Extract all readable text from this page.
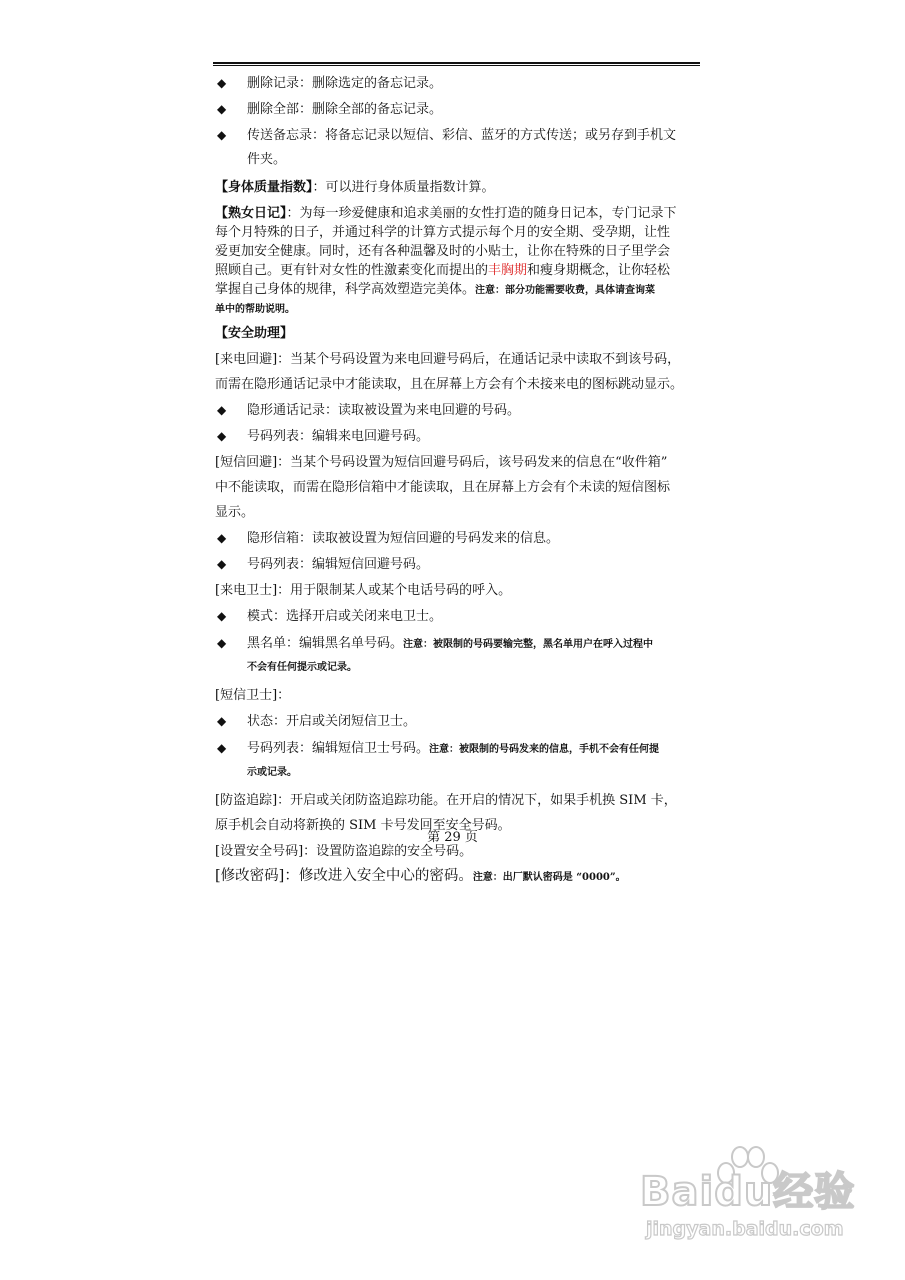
◆ 删除记录：删除选定的备忘记录。
◆ 删除全部：删除全部的备忘记录。
◆ 传送备忘录：将备忘记录以短信、彩信、蓝牙的方式传送；或另存到手机文
件夹。
【身体质量指数】：可以进行身体质量指数计算。
【熟女日记】：为每一珍爱健康和追求美丽的女性打造的随身日记本，专门记录下
每个月特殊的日子，并通过科学的计算方式提示每个月的安全期、受孕期，让性
爱更加安全健康。同时，还有各种温馨及时的小贴士，让你在特殊的日子里学会
照顾自己。更有针对女性的性激素变化而提出的丰胸期和瘦身期概念，让你轻松
掌握自己身体的规律，科学高效塑造完美体。注意：部分功能需要收费，具体请查询菜
单中的帮助说明。
【安全助理】
[来电回避]：当某个号码设置为来电回避号码后，在通话记录中读取不到该号码，
而需在隐形通话记录中才能读取，且在屏幕上方会有个未接来电的图标跳动显示。
◆ 隐形通话记录：读取被设置为来电回避的号码。
◆ 号码列表：编辑来电回避号码。
[短信回避]：当某个号码设置为短信回避号码后，该号码发来的信息在“收件箱”
中不能读取，而需在隐形信箱中才能读取，且在屏幕上方会有个未读的短信图标
显示。
◆ 隐形信箱：读取被设置为短信回避的号码发来的信息。
◆ 号码列表：编辑短信回避号码。
[来电卫士]：用于限制某人或某个电话号码的呼入。
◆ 模式：选择开启或关闭来电卫士。
◆ 黑名单：编辑黑名单号码。注意：被限制的号码要输完整，黑名单用户在呼入过程中
不会有任何提示或记录。
[短信卫士]：
◆ 状态：开启或关闭短信卫士。
◆ 号码列表：编辑短信卫士号码。注意：被限制的号码发来的信息，手机不会有任何提
示或记录。
[防盗追踪]：开启或关闭防盗追踪功能。在开启的情况下，如果手机换 SIM 卡，
原手机会自动将新换的 SIM 卡号发回至安全号码。
[设置安全号码]：设置防盗追踪的安全号码。
[修改密码]：修改进入安全中心的密码。注意：出厂默认密码是 “0000”。
第 29 页
Baidu经验
jingyan.baidu.com
